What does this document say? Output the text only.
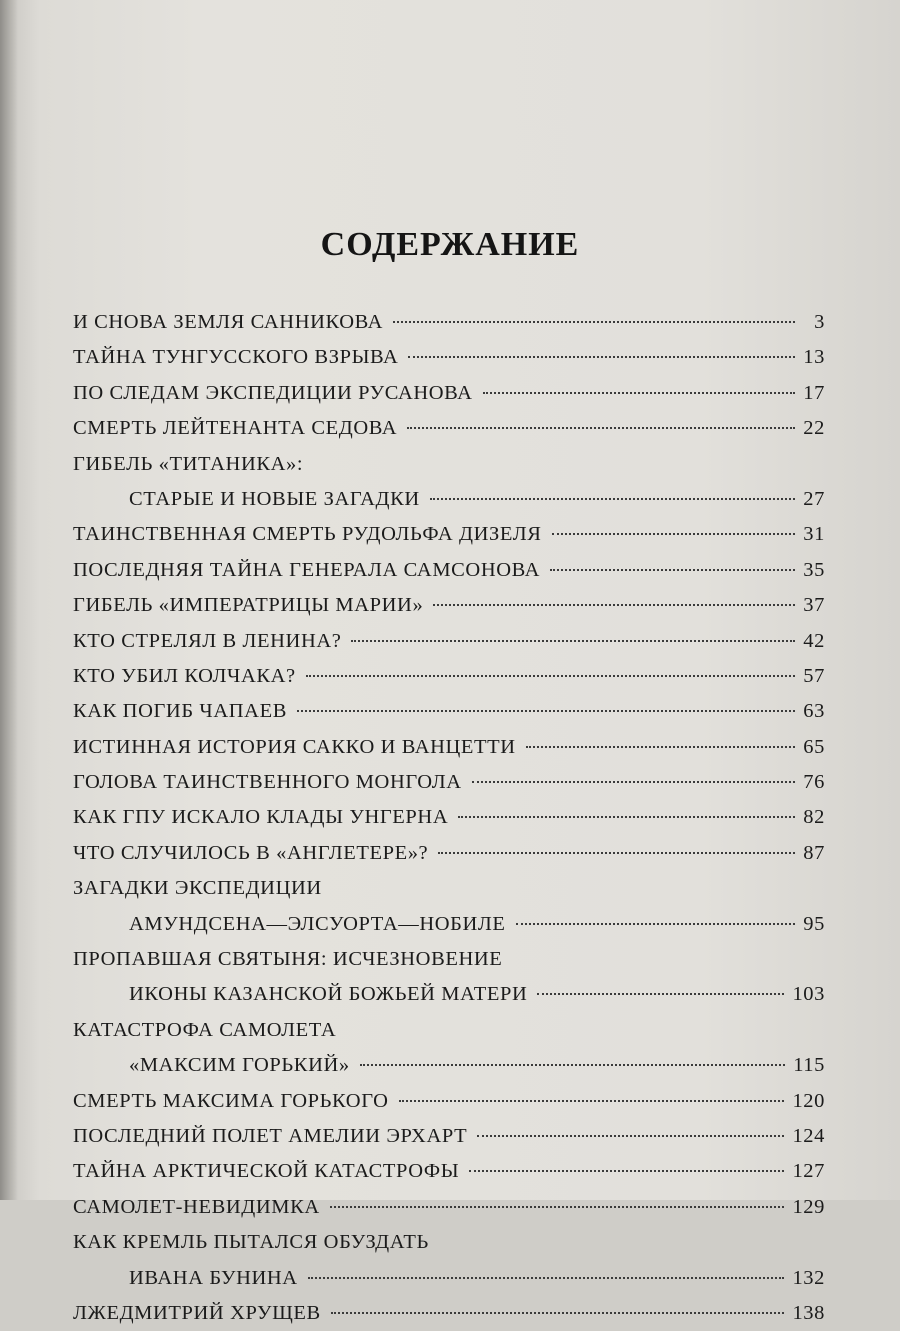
СОДЕРЖАНИЕ
И СНОВА ЗЕМЛЯ САННИКОВА	3
ТАЙНА ТУНГУССКОГО ВЗРЫВА	13
ПО СЛЕДАМ ЭКСПЕДИЦИИ РУСАНОВА	17
СМЕРТЬ ЛЕЙТЕНАНТА СЕДОВА	22
ГИБЕЛЬ «ТИТАНИКА»:
СТАРЫЕ И НОВЫЕ ЗАГАДКИ	27
ТАИНСТВЕННАЯ СМЕРТЬ РУДОЛЬФА ДИЗЕЛЯ	31
ПОСЛЕДНЯЯ ТАЙНА ГЕНЕРАЛА САМСОНОВА	35
ГИБЕЛЬ «ИМПЕРАТРИЦЫ МАРИИ»	37
КТО СТРЕЛЯЛ В ЛЕНИНА?	42
КТО УБИЛ КОЛЧАКА?	57
КАК ПОГИБ ЧАПАЕВ	63
ИСТИННАЯ ИСТОРИЯ САККО И ВАНЦЕТТИ	65
ГОЛОВА ТАИНСТВЕННОГО МОНГОЛА	76
КАК ГПУ ИСКАЛО КЛАДЫ УНГЕРНА	82
ЧТО СЛУЧИЛОСЬ В «АНГЛЕТЕРЕ»?	87
ЗАГАДКИ ЭКСПЕДИЦИИ
АМУНДСЕНА—ЭЛСУОРТА—НОБИЛЕ	95
ПРОПАВШАЯ СВЯТЫНЯ: ИСЧЕЗНОВЕНИЕ
ИКОНЫ КАЗАНСКОЙ БОЖЬЕЙ МАТЕРИ	103
КАТАСТРОФА САМОЛЕТА
«МАКСИМ ГОРЬКИЙ»	115
СМЕРТЬ МАКСИМА ГОРЬКОГО	120
ПОСЛЕДНИЙ ПОЛЕТ АМЕЛИИ ЭРХАРТ	124
ТАЙНА АРКТИЧЕСКОЙ КАТАСТРОФЫ	127
САМОЛЕТ-НЕВИДИМКА	129
КАК КРЕМЛЬ ПЫТАЛСЯ ОБУЗДАТЬ
ИВАНА БУНИНА	132
ЛЖЕДМИТРИЙ ХРУЩЕВ	138
